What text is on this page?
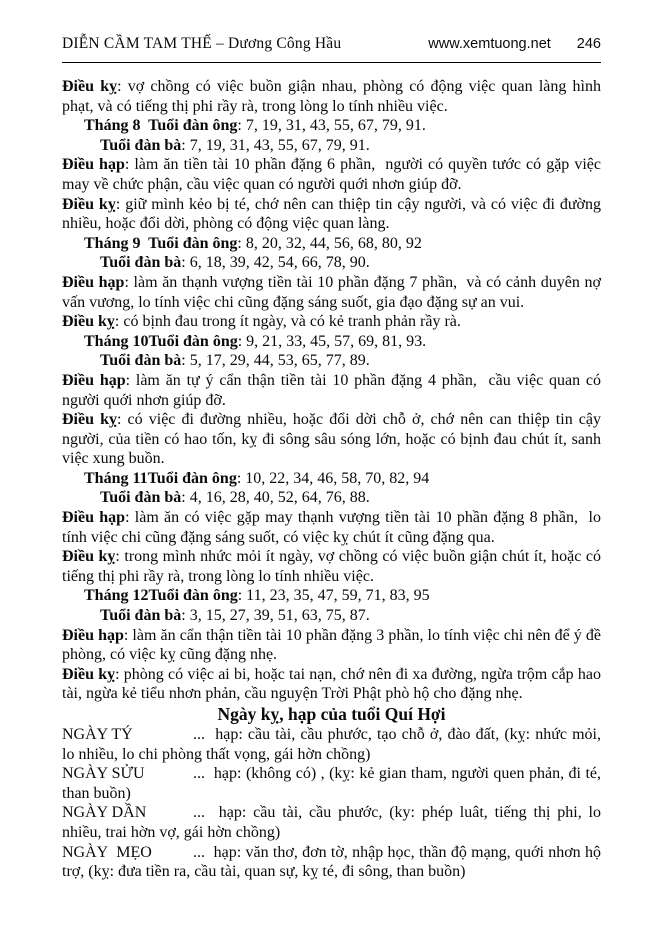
DIỄN CẦM TAM THẾ – Dương Công Hầu	www.xemtuong.net 246

Điều kỵ: vợ chồng có việc buồn giận nhau, phòng có động việc quan làng hình phạt, và có tiếng thị phi rầy rà, trong lòng lo tính nhiều việc.

Tháng 8  Tuổi đàn ông: 7, 19, 31, 43, 55, 67, 79, 91.

Tuổi đàn bà: 7, 19, 31, 43, 55, 67, 79, 91.

Điều hạp: làm ăn tiền tài 10 phần đặng 6 phần,  người có quyền tước có gặp việc may về chức phận, cầu việc quan có người quới nhơn giúp đỡ.

Điều kỵ: giữ mình kẻo bị té, chớ nên can thiệp tin cậy người, và có việc đi đường nhiều, hoặc đổi dời, phòng có động việc quan làng.

Tháng 9  Tuổi đàn ông: 8, 20, 32, 44, 56, 68, 80, 92

Tuổi đàn bà: 6, 18, 39, 42, 54, 66, 78, 90.

Điều hạp: làm ăn thạnh vượng tiền tài 10 phần đặng 7 phần,  và có cảnh duyên nợ vấn vương, lo tính việc chi cũng đặng sáng suốt, gia đạo đặng sự an vui.

Điều kỵ: có bịnh đau trong ít ngày, và có kẻ tranh phản rầy rà.

Tháng 10Tuổi đàn ông: 9, 21, 33, 45, 57, 69, 81, 93.

Tuổi đàn bà: 5, 17, 29, 44, 53, 65, 77, 89.

Điều hạp: làm ăn tự ý cẩn thận tiền tài 10 phần đặng 4 phần,  cầu việc quan có người quới nhơn giúp đỡ.

Điều kỵ: có việc đi đường nhiều, hoặc đổi dời chỗ ở, chớ nên can thiệp tin cậy người, của tiền có hao tốn, kỵ đi sông sâu sóng lớn, hoặc có bịnh đau chút ít, sanh việc xung buồn.

Tháng 11Tuổi đàn ông: 10, 22, 34, 46, 58, 70, 82, 94

Tuổi đàn bà: 4, 16, 28, 40, 52, 64, 76, 88.

Điều hạp: làm ăn có việc gặp may thạnh vượng tiền tài 10 phần đặng 8 phần,  lo tính việc chi cũng đặng sáng suốt, có việc kỵ chút ít cũng đặng qua.

Điều kỵ: trong mình nhức mỏi ít ngày, vợ chồng có việc buồn giận chút ít, hoặc có tiếng thị phi rầy rà, trong lòng lo tính nhiều việc.

Tháng 12Tuổi đàn ông: 11, 23, 35, 47, 59, 71, 83, 95

Tuổi đàn bà: 3, 15, 27, 39, 51, 63, 75, 87.

Điều hạp: làm ăn cẩn thận tiền tài 10 phần đặng 3 phần, lo tính việc chi nên để ý đề phòng, có việc kỵ cũng đặng nhẹ.

Điều kỵ: phòng có việc ai bi, hoặc tai nạn, chớ nên đi xa đường, ngừa trộm cắp hao tài, ngừa kẻ tiểu nhơn phản, cầu nguyện Trời Phật phò hộ cho đặng nhẹ.

Ngày kỵ, hạp của tuổi Quí Hợi

NGÀY TÝ	...  hạp: cầu tài, cầu phước, tạo chỗ ở, đào đất, (kỵ: nhức mỏi, lo nhiều, lo chi phòng thất vọng, gái hờn chồng)

NGÀY SỬU	...  hạp: (không có) , (kỵ: kẻ gian tham, người quen phản, đi té, than buồn)

NGÀY DẦN	...  hạp: cầu tài, cầu phước, (ky: phép luât, tiếng thị phi, lo nhiều, trai hờn vợ, gái hờn chồng)

NGÀY  MẸO	...  hạp: văn thơ, đơn tờ, nhập học, thần độ mạng, quới nhơn hộ trợ, (kỵ: đưa tiền ra, cầu tài, quan sự, kỵ té, đi sông, than buồn)
